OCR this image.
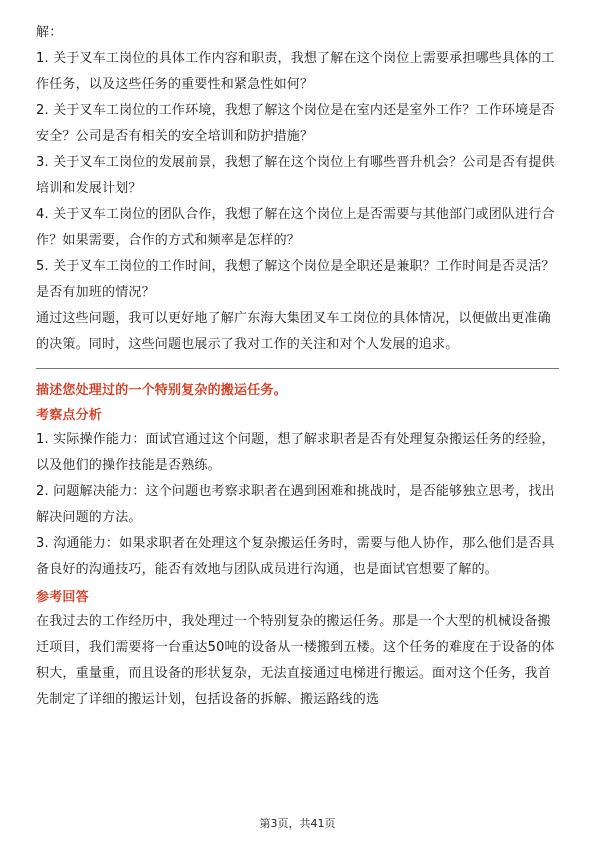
解：

1. 关于叉车工岗位的具体工作内容和职责，我想了解在这个岗位上需要承担哪些具体的工作任务，以及这些任务的重要性和紧急性如何？

2. 关于叉车工岗位的工作环境，我想了解这个岗位是在室内还是室外工作？工作环境是否安全？公司是否有相关的安全培训和防护措施？

3. 关于叉车工岗位的发展前景，我想了解在这个岗位上有哪些晋升机会？公司是否有提供培训和发展计划？

4. 关于叉车工岗位的团队合作，我想了解在这个岗位上是否需要与其他部门或团队进行合作？如果需要，合作的方式和频率是怎样的？

5. 关于叉车工岗位的工作时间，我想了解这个岗位是全职还是兼职？工作时间是否灵活？是否有加班的情况？

通过这些问题，我可以更好地了解广东海大集团叉车工岗位的具体情况，以便做出更准确的决策。同时，这些问题也展示了我对工作的关注和对个人发展的追求。

描述您处理过的一个特别复杂的搬运任务。

考察点分析

1. 实际操作能力：面试官通过这个问题，想了解求职者是否有处理复杂搬运任务的经验，以及他们的操作技能是否熟练。

2. 问题解决能力：这个问题也考察求职者在遇到困难和挑战时，是否能够独立思考，找出解决问题的方法。

3. 沟通能力：如果求职者在处理这个复杂搬运任务时，需要与他人协作，那么他们是否具备良好的沟通技巧，能否有效地与团队成员进行沟通，也是面试官想要了解的。

参考回答

在我过去的工作经历中，我处理过一个特别复杂的搬运任务。那是一个大型的机械设备搬迁项目，我们需要将一台重达50吨的设备从一楼搬到五楼。这个任务的难度在于设备的体积大，重量重，而且设备的形状复杂，无法直接通过电梯进行搬运。面对这个任务，我首先制定了详细的搬运计划，包括设备的拆解、搬运路线的选

第3页，共41页
